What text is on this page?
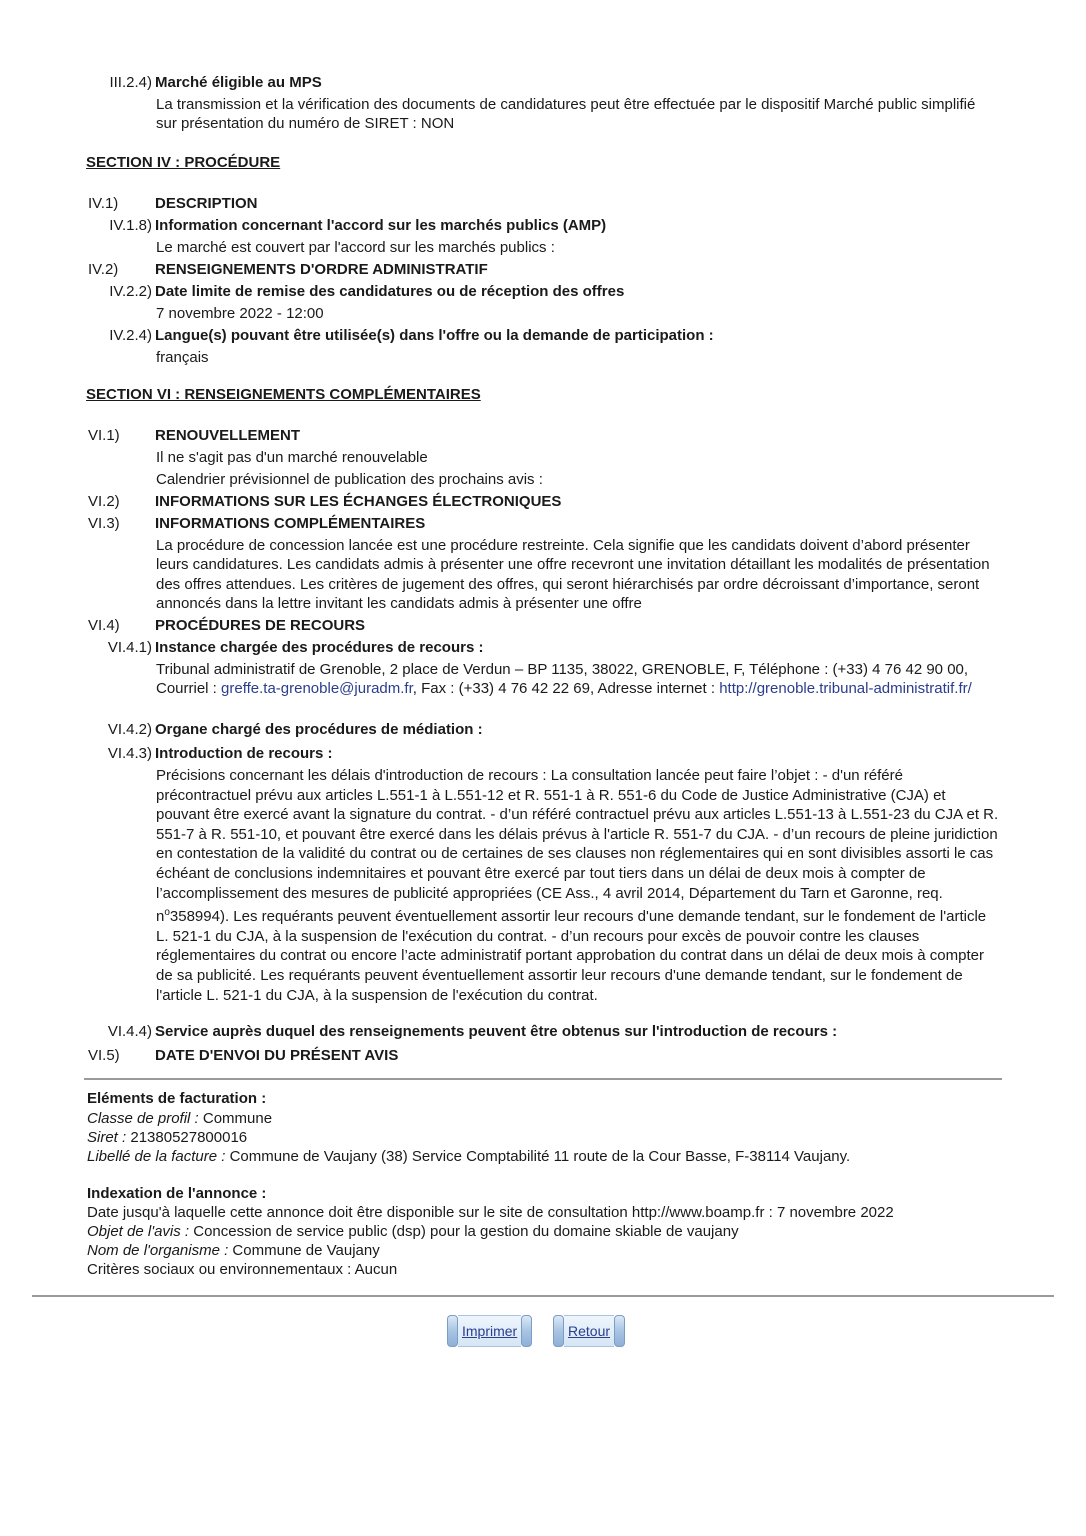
III.2.4) Marché éligible au MPS
La transmission et la vérification des documents de candidatures peut être effectuée par le dispositif Marché public simplifié sur présentation du numéro de SIRET : NON
SECTION IV : PROCÉDURE
IV.1)	DESCRIPTION
IV.1.8) Information concernant l'accord sur les marchés publics (AMP)
Le marché est couvert par l'accord sur les marchés publics :
IV.2)	RENSEIGNEMENTS D'ORDRE ADMINISTRATIF
IV.2.2) Date limite de remise des candidatures ou de réception des offres
7 novembre 2022 - 12:00
IV.2.4) Langue(s) pouvant être utilisée(s) dans l'offre ou la demande de participation :
français
SECTION VI : RENSEIGNEMENTS COMPLÉMENTAIRES
VI.1)	RENOUVELLEMENT
Il ne s'agit pas d'un marché renouvelable
Calendrier prévisionnel de publication des prochains avis :
VI.2)	INFORMATIONS SUR LES ÉCHANGES ÉLECTRONIQUES
VI.3)	INFORMATIONS COMPLÉMENTAIRES
La procédure de concession lancée est une procédure restreinte. Cela signifie que les candidats doivent d’abord présenter leurs candidatures. Les candidats admis à présenter une offre recevront une invitation détaillant les modalités de présentation des offres attendues. Les critères de jugement des offres, qui seront hiérarchisés par ordre décroissant d’importance, seront annoncés dans la lettre invitant les candidats admis à présenter une offre
VI.4)	PROCÉDURES DE RECOURS
VI.4.1) Instance chargée des procédures de recours :
Tribunal administratif de Grenoble, 2 place de Verdun – BP 1135, 38022, GRENOBLE, F, Téléphone : (+33) 4 76 42 90 00, Courriel : greffe.ta-grenoble@juradm.fr, Fax : (+33) 4 76 42 22 69, Adresse internet : http://grenoble.tribunal-administratif.fr/
VI.4.2) Organe chargé des procédures de médiation :
VI.4.3) Introduction de recours :
Précisions concernant les délais d'introduction de recours : La consultation lancée peut faire l’objet : - d'un référé précontractuel prévu aux articles L.551-1 à L.551-12 et R. 551-1 à R. 551-6 du Code de Justice Administrative (CJA) et pouvant être exercé avant la signature du contrat. - d’un référé contractuel prévu aux articles L.551-13 à L.551-23 du CJA et R. 551-7 à R. 551-10, et pouvant être exercé dans les délais prévus à l'article R. 551-7 du CJA. - d’un recours de pleine juridiction en contestation de la validité du contrat ou de certaines de ses clauses non réglementaires qui en sont divisibles assorti le cas échéant de conclusions indemnitaires et pouvant être exercé par tout tiers dans un délai de deux mois à compter de l’accomplissement des mesures de publicité appropriées (CE Ass., 4 avril 2014, Département du Tarn et Garonne, req. $n^o358994$). Les requérants peuvent éventuellement assortir leur recours d'une demande tendant, sur le fondement de l'article L. 521-1 du CJA, à la suspension de l'exécution du contrat. - d’un recours pour excès de pouvoir contre les clauses réglementaires du contrat ou encore l’acte administratif portant approbation du contrat dans un délai de deux mois à compter de sa publicité. Les requérants peuvent éventuellement assortir leur recours d'une demande tendant, sur le fondement de l'article L. 521-1 du CJA, à la suspension de l'exécution du contrat.
VI.4.4) Service auprès duquel des renseignements peuvent être obtenus sur l'introduction de recours :
VI.5)	DATE D'ENVOI DU PRÉSENT AVIS
Eléments de facturation :
Classe de profil : Commune
Siret : 21380527800016
Libellé de la facture : Commune de Vaujany (38) Service Comptabilité 11 route de la Cour Basse, F-38114 Vaujany.
Indexation de l'annonce :
Date jusqu'à laquelle cette annonce doit être disponible sur le site de consultation http://www.boamp.fr : 7 novembre 2022
Objet de l'avis : Concession de service public (dsp) pour la gestion du domaine skiable de vaujany
Nom de l'organisme : Commune de Vaujany
Critères sociaux ou environnementaux : Aucun
Imprimer	Retour
